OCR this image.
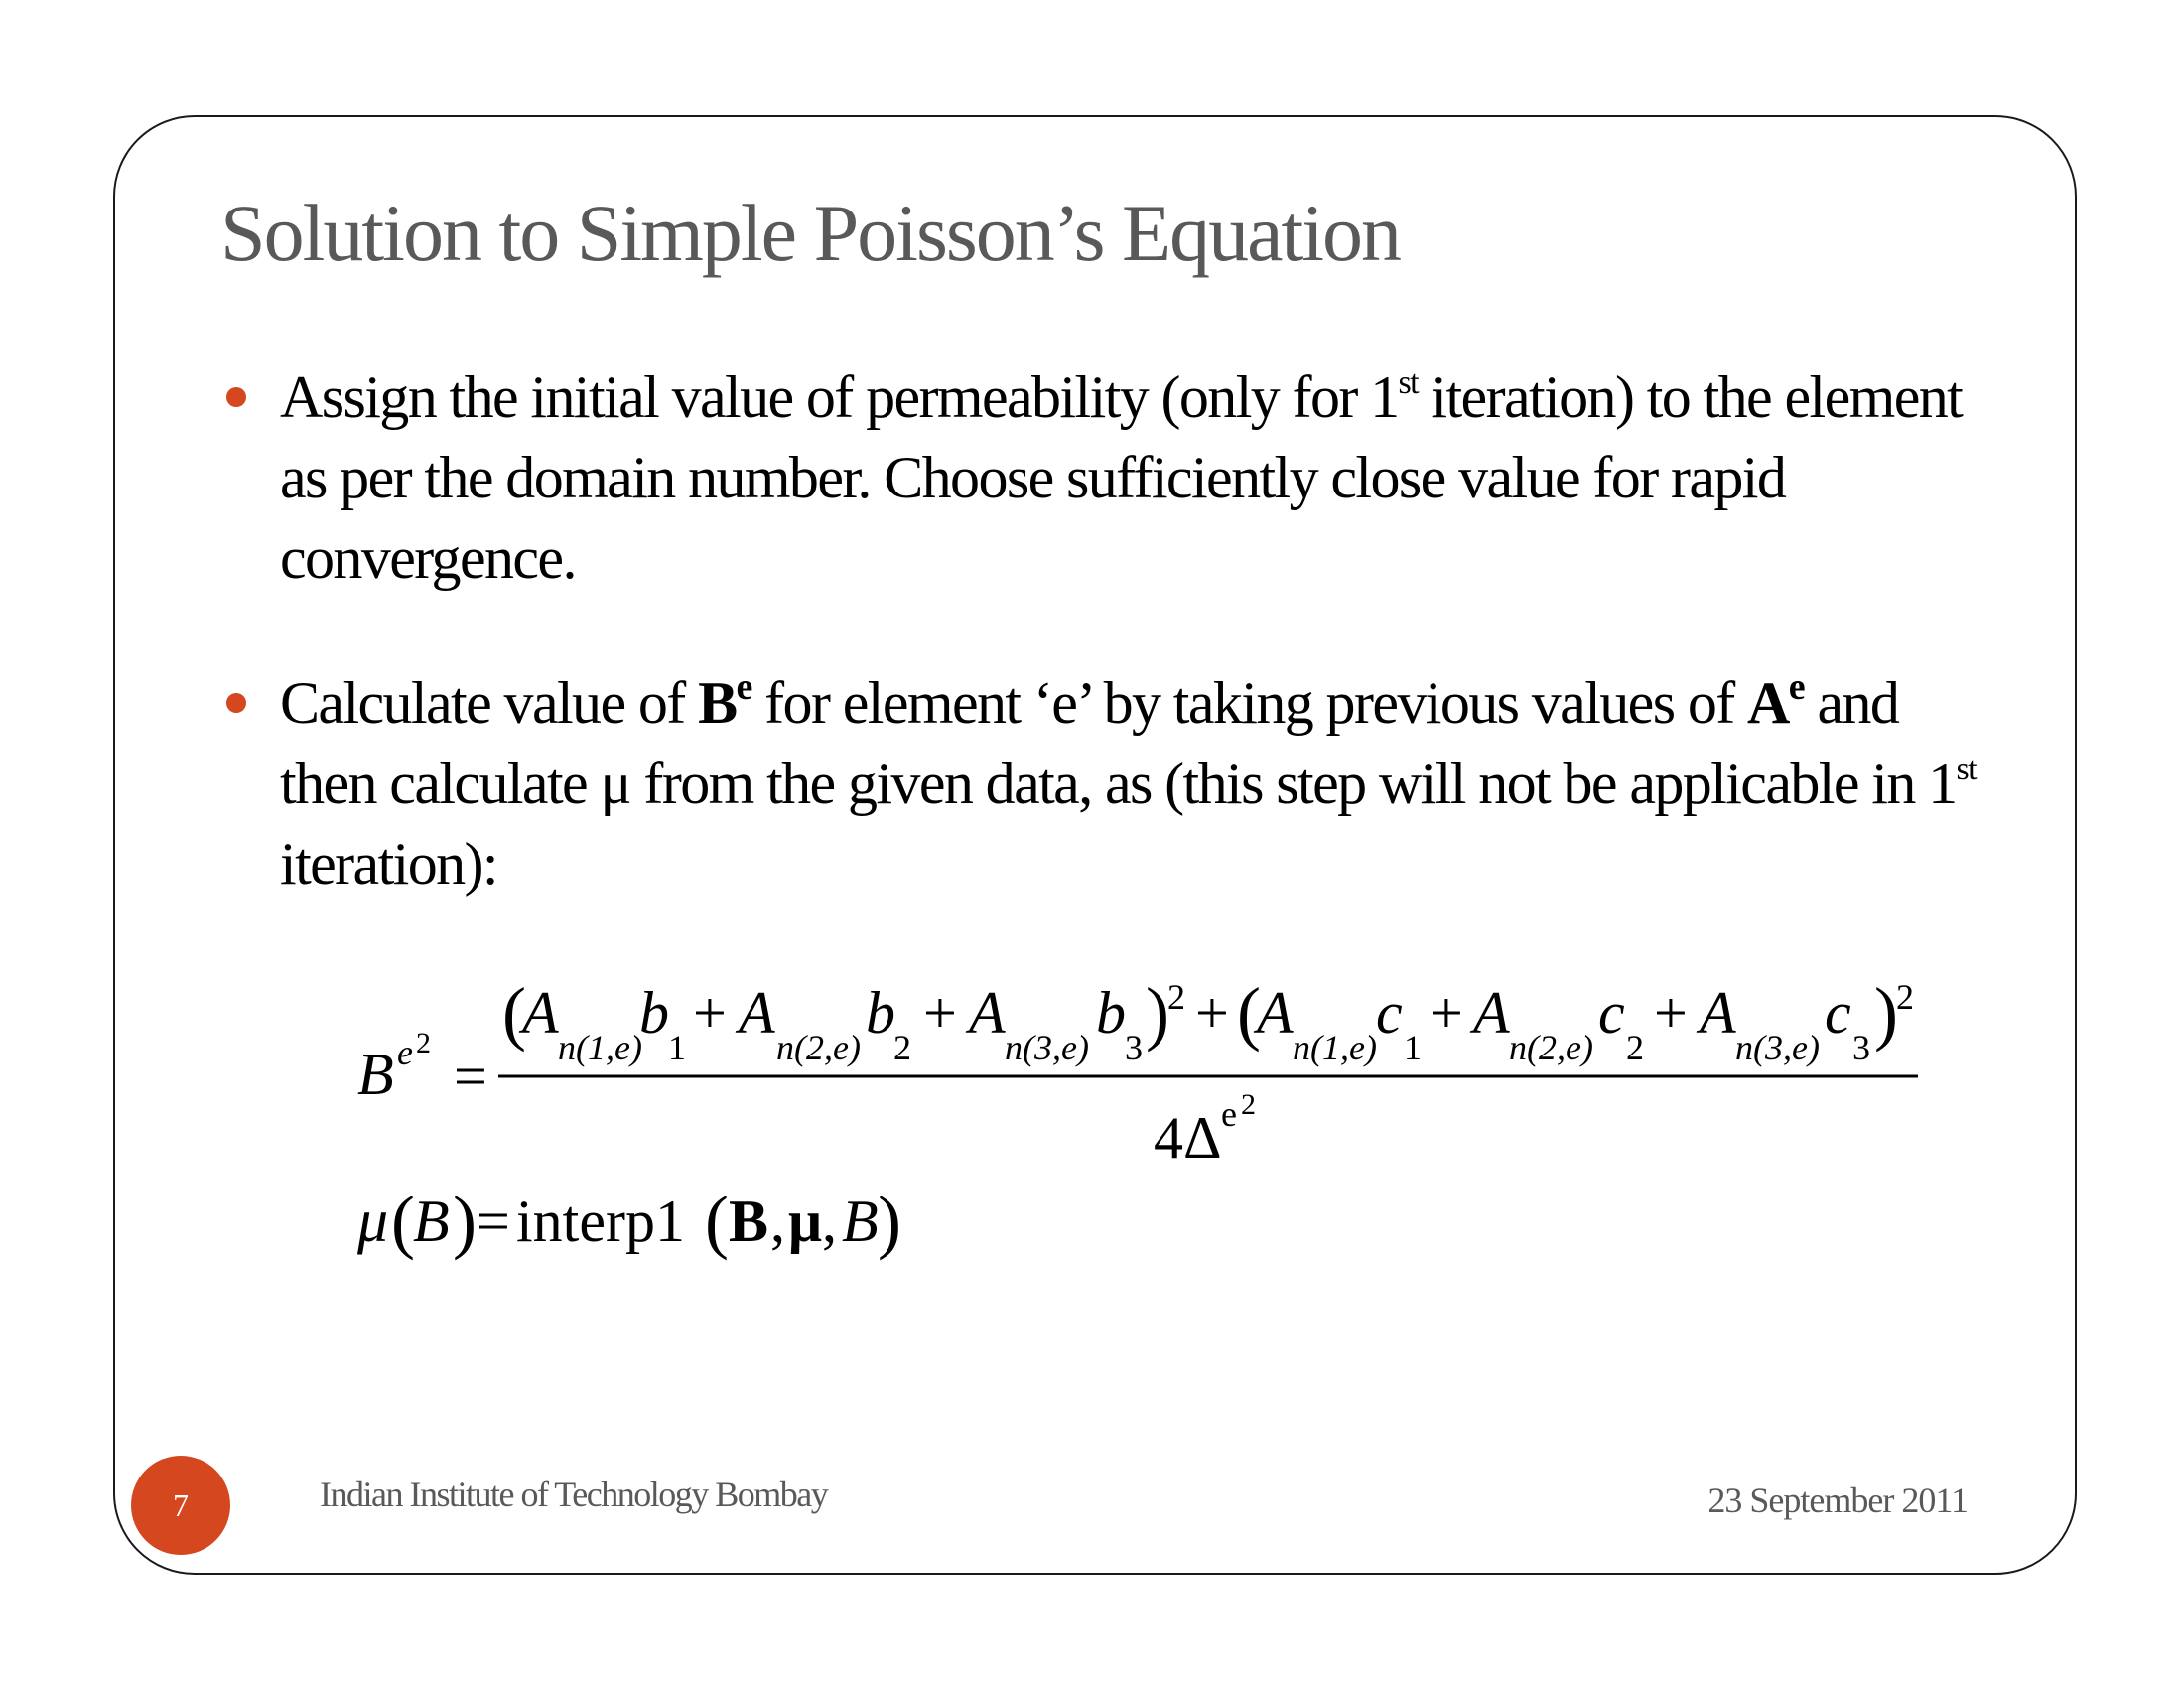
Solution to Simple Poisson’s Equation
Assign the initial value of permeability (only for 1st iteration) to the element as per the domain number. Choose sufficiently close value for rapid convergence.
Calculate value of $B^e$ for element ‘e’ by taking previous values of $A^e$ and then calculate μ from the given data, as (this step will not be applicable in 1st iteration):
B e 2
=
(
A
n(1,e)
b
1
+ A
n(2,e)
b
2
+ A
n(3,e)
b
3 )
2 + (
A
n(1,e)
c
1
+ A
n(2,e)
c
2
+ A
n(3,e)
c
3 )
2
4Δ e 2
μ (
B ) = interp1 ( B , μ , B )
7	Indian Institute of Technology Bombay	23 September 2011
